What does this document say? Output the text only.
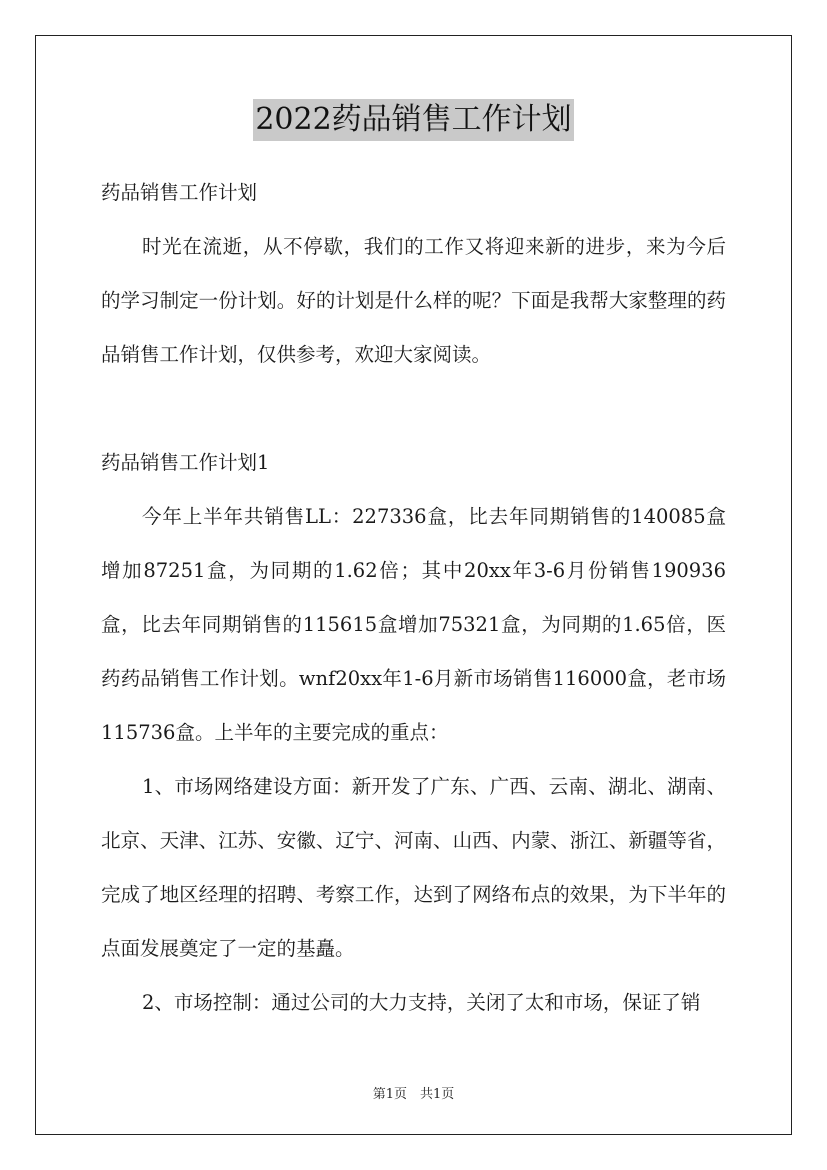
2022药品销售工作计划

药品销售工作计划

时光在流逝，从不停歇，我们的工作又将迎来新的进步，来为今后的学习制定一份计划。好的计划是什么样的呢？下面是我帮大家整理的药品销售工作计划，仅供参考，欢迎大家阅读。

药品销售工作计划1

今年上半年共销售LL：227336盒，比去年同期销售的140085盒增加87251盒，为同期的1.62倍；其中20xx年3-6月份销售190936盒，比去年同期销售的115615盒增加75321盒，为同期的1.65倍，医药药品销售工作计划。wnf20xx年1-6月新市场销售116000盒，老市场115736盒。上半年的主要完成的重点：

1、市场网络建设方面：新开发了广东、广西、云南、湖北、湖南、北京、天津、江苏、安徽、辽宁、河南、山西、内蒙、浙江、新疆等省，完成了地区经理的招聘、考察工作，达到了网络布点的效果，为下半年的点面发展奠定了一定的基矗。

2、市场控制：通过公司的大力支持，关闭了太和市场，保证了销

第1页　共1页
